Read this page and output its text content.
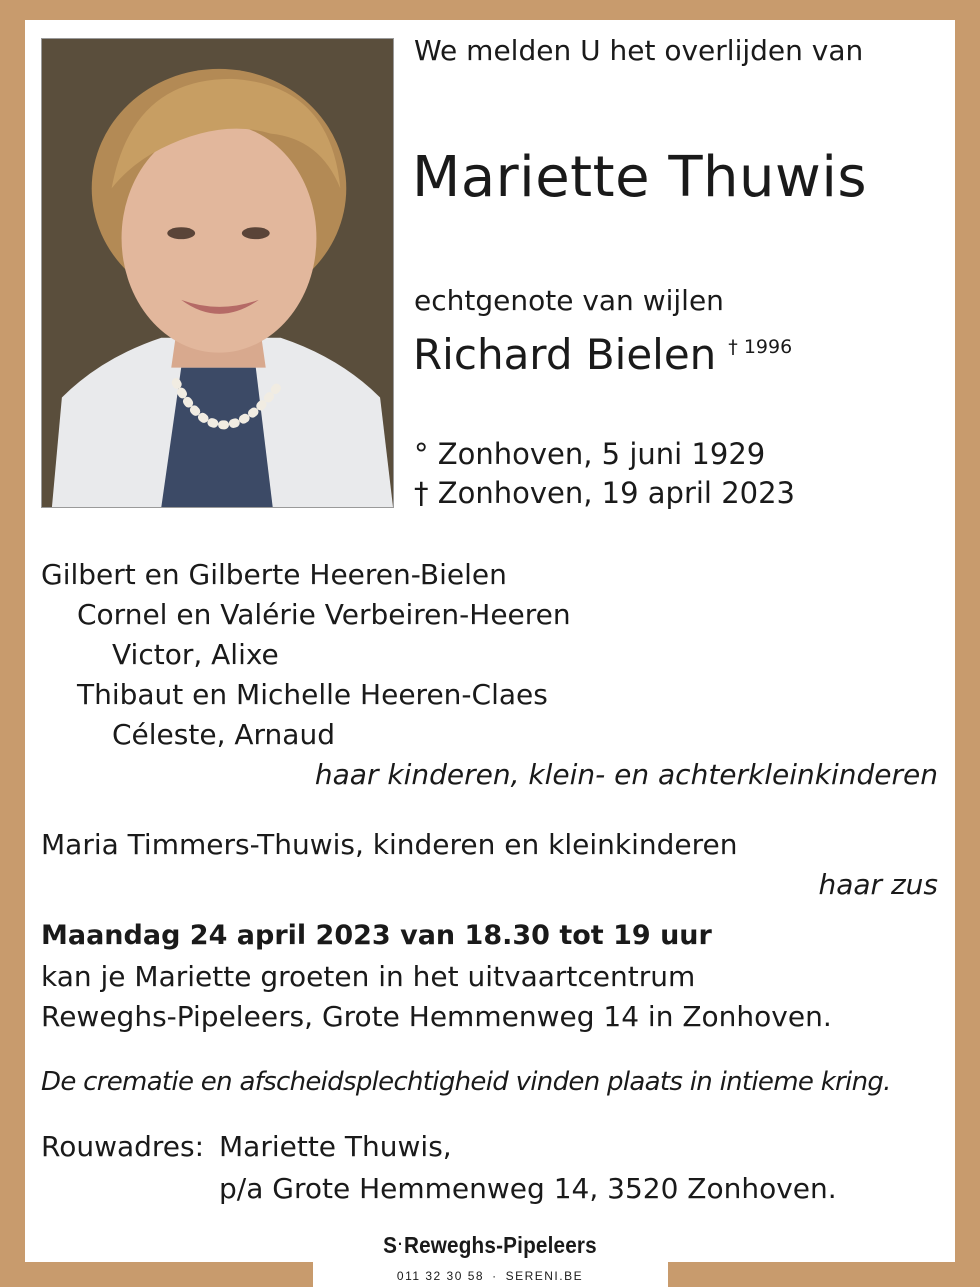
We melden U het overlijden van

Mariette Thuwis

echtgenote van wijlen

Richard Bielen $^{\dagger 1996}$

° Zonhoven, 5 juni 1929

† Zonhoven, 19 april 2023

Gilbert en Gilberte Heeren-Bielen

Cornel en Valérie Verbeiren-Heeren

Victor, Alixe

Thibaut en Michelle Heeren-Claes

Céleste, Arnaud

haar kinderen, klein- en achterkleinkinderen

Maria Timmers-Thuwis, kinderen en kleinkinderen

haar zus

Maandag 24 april 2023 van 18.30 tot 19 uur

kan je Mariette groeten in het uitvaartcentrum

Reweghs-Pipeleers, Grote Hemmenweg 14 in Zonhoven.

De crematie en afscheidsplechtigheid vinden plaats in intieme kring.

Rouwadres: Mariette Thuwis,

p/a Grote Hemmenweg 14, 3520 Zonhoven.

S·Reweghs-Pipeleers
011 32 30 58 · SERENI.BE
